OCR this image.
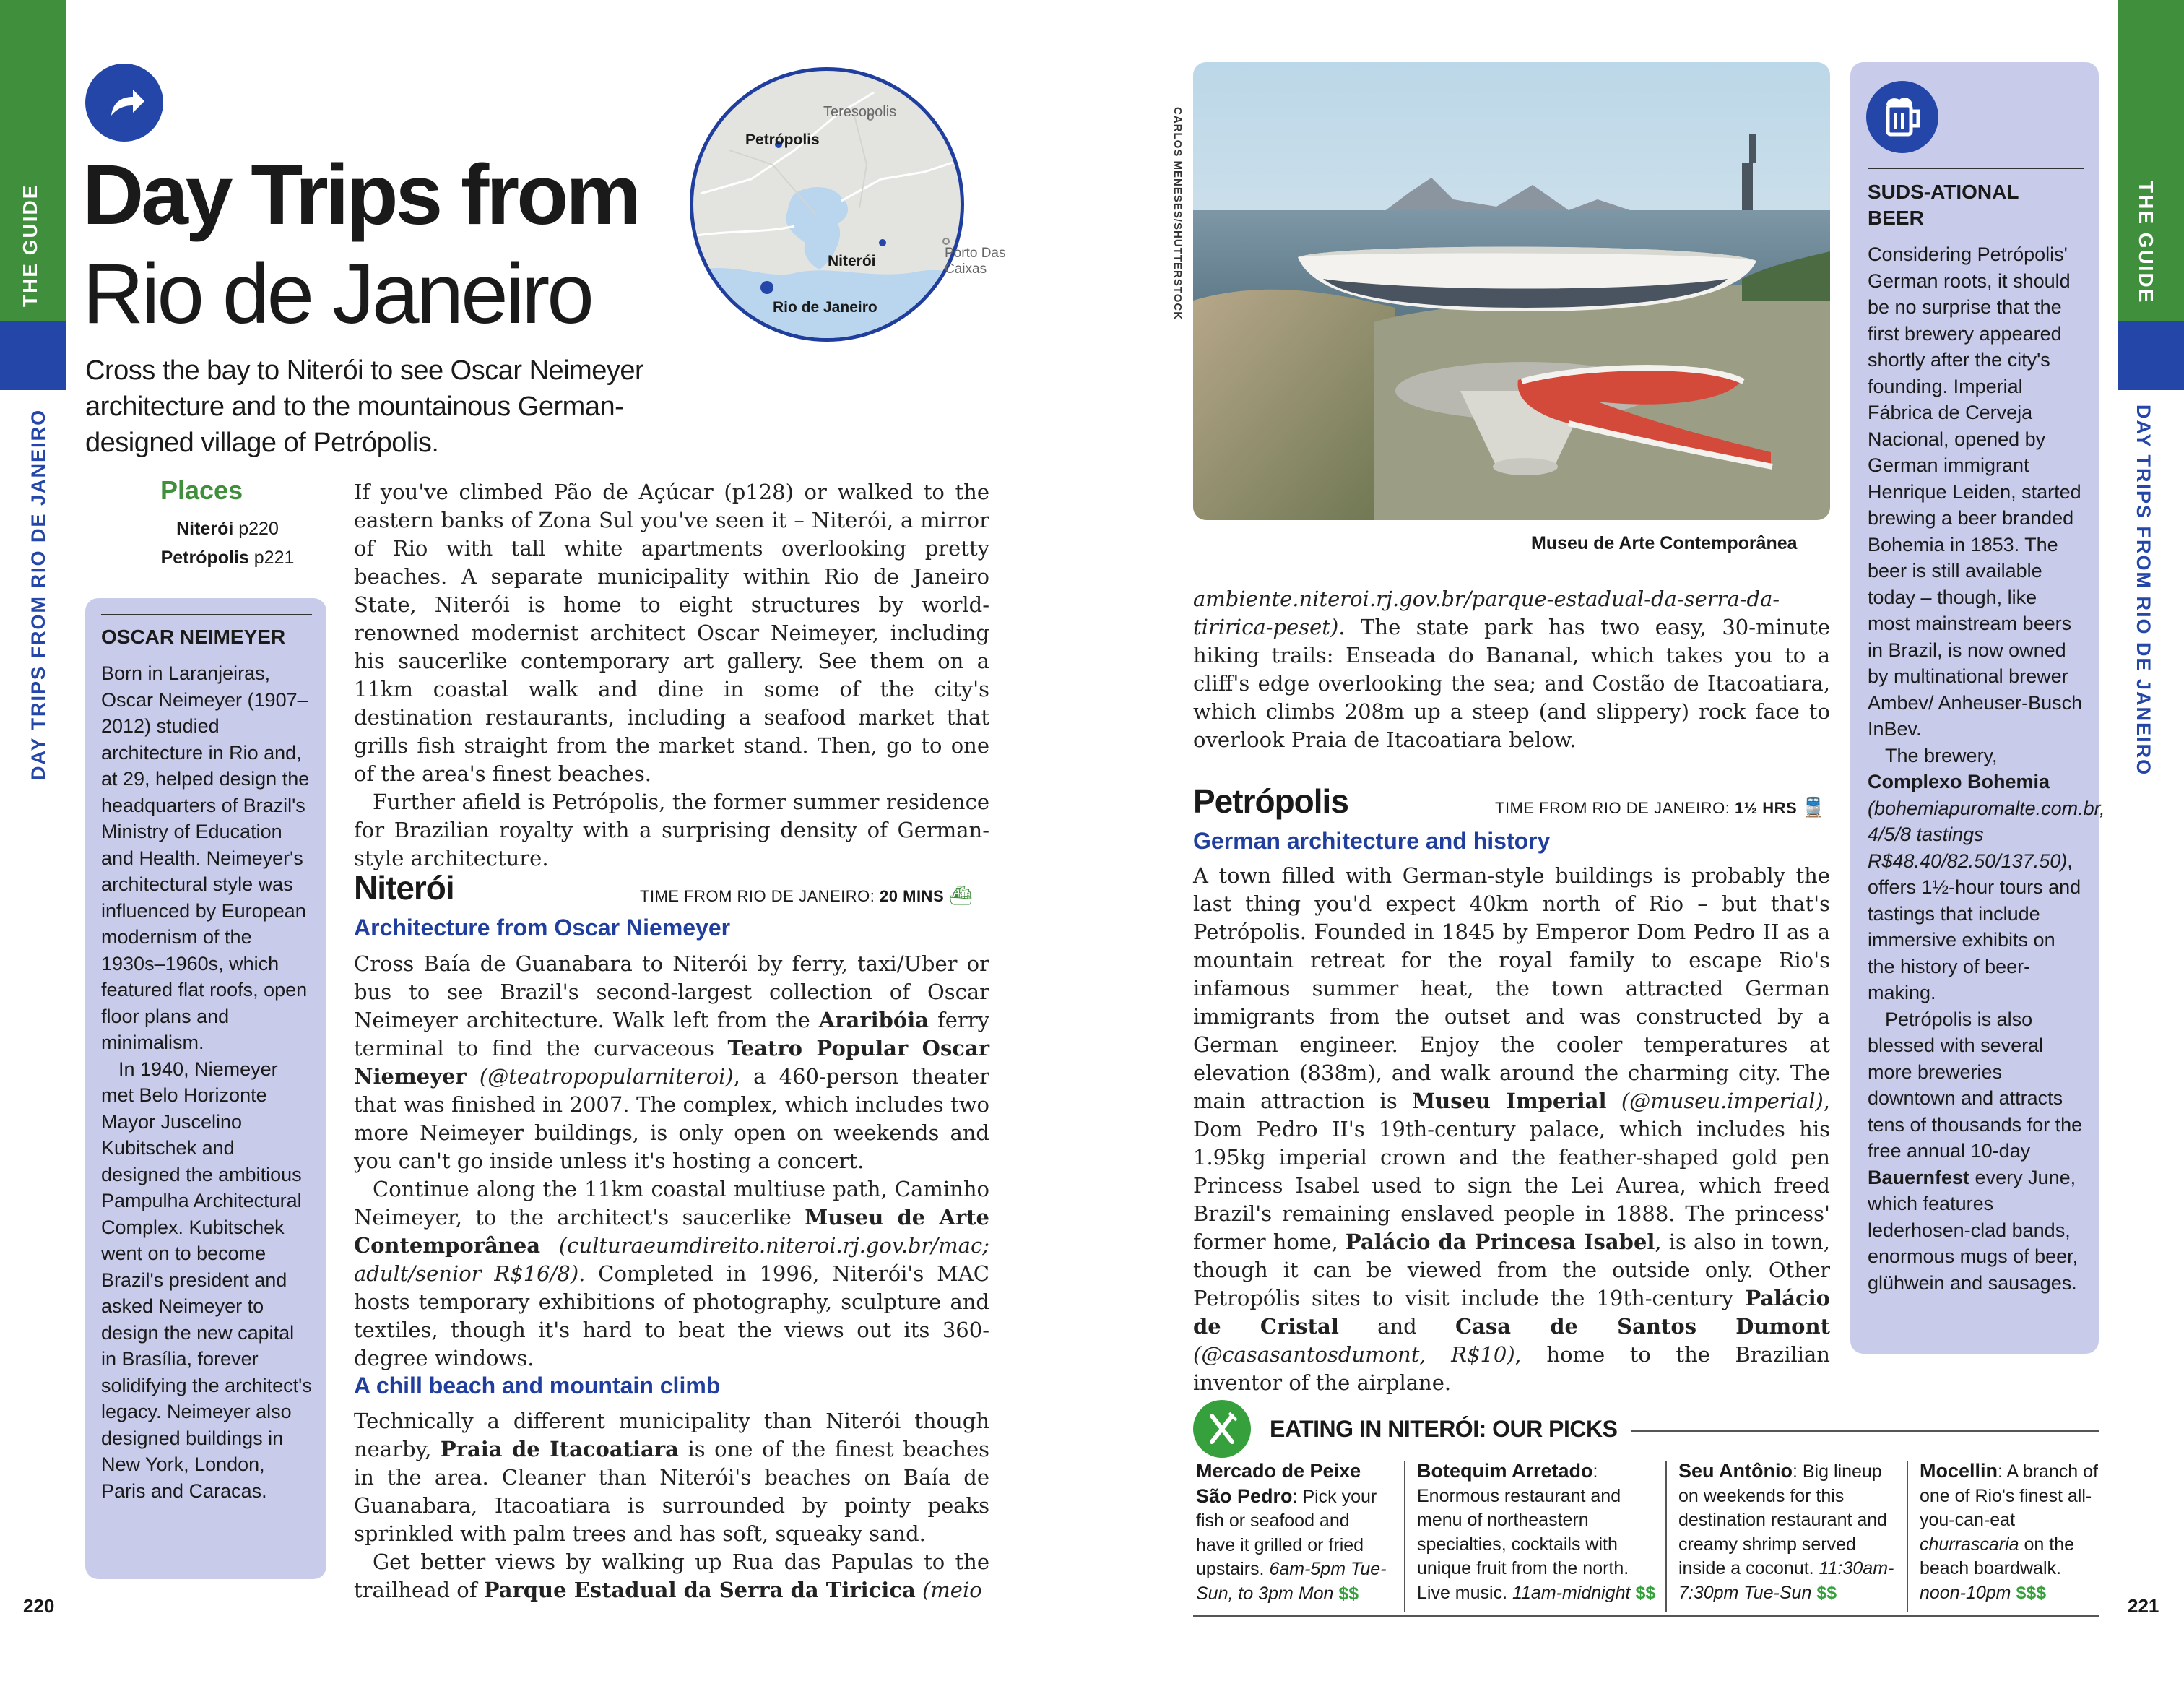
THE GUIDE
DAY TRIPS FROM RIO DE JANEIRO
220
THE GUIDE
DAY TRIPS FROM RIO DE JANEIRO
221
Day Trips from
Rio de Janeiro
Cross the bay to Niterói to see Oscar Neimeyer architecture and to the mountainous German-designed village of Petrópolis.
Teresopolis
Petrópolis
Niterói	Porto Das Caixas
Rio de Janeiro
Places
Niterói p220
Petrópolis p221
OSCAR NEIMEYER

Born in Laranjeiras, Oscar Neimeyer (1907–2012) studied architecture in Rio and, at 29, helped design the headquarters of Brazil's Ministry of Education and Health. Neimeyer's architectural style was influenced by European modernism of the 1930s–1960s, which featured flat roofs, open floor plans and minimalism.

In 1940, Niemeyer met Belo Horizonte Mayor Juscelino Kubitschek and designed the ambitious Pampulha Architectural Complex. Kubitschek went on to become Brazil's president and asked Neimeyer to design the new capital in Brasília, forever solidifying the architect's legacy. Neimeyer also designed buildings in New York, London, Paris and Caracas.

If you've climbed Pão de Açúcar (p128) or walked to the eastern banks of Zona Sul you've seen it – Niterói, a mirror of Rio with tall white apartments overlooking pretty beaches. A separate municipality within Rio de Janeiro State, Niterói is home to eight structures by world-renowned modernist architect Oscar Neimeyer, including his saucerlike contemporary art gallery. See them on a 11km coastal walk and dine in some of the city's destination restaurants, including a seafood market that grills fish straight from the market stand. Then, go to one of the area's finest beaches.

Further afield is Petrópolis, the former summer residence for Brazilian royalty with a surprising density of German-style architecture.

Niterói	TIME FROM RIO DE JANEIRO: 20 MINS ⛴
Architecture from Oscar Niemeyer

Cross Baía de Guanabara to Niterói by ferry, taxi/Uber or bus to see Brazil's second-largest collection of Oscar Neimeyer architecture. Walk left from the Araribóia ferry terminal to find the curvaceous Teatro Popular Oscar Niemeyer (@teatropopularniteroi), a 460-person theater that was finished in 2007. The complex, which includes two more Neimeyer buildings, is only open on weekends and you can't go inside unless it's hosting a concert.

Continue along the 11km coastal multiuse path, Caminho Neimeyer, to the architect's saucerlike Museu de Arte Contemporânea (culturaeumdireito.niteroi.rj.gov.br/mac; adult/senior R$16/8). Completed in 1996, Niterói's MAC hosts temporary exhibitions of photography, sculpture and textiles, though it's hard to beat the views out its 360-degree windows.

A chill beach and mountain climb

Technically a different municipality than Niterói though nearby, Praia de Itacoatiara is one of the finest beaches in the area. Cleaner than Niterói's beaches on Baía de Guanabara, Itacoatiara is surrounded by pointy peaks sprinkled with palm trees and has soft, squeaky sand.

Get better views by walking up Rua das Papulas to the trailhead of Parque Estadual da Serra da Tiricica (meio

CARLOS MENESES/SHUTTERSTOCK
Museu de Arte Contemporânea

ambiente.niteroi.rj.gov.br/parque-estadual-da-serra-da-tiririca-peset). The state park has two easy, 30-minute hiking trails: Enseada do Bananal, which takes you to a cliff's edge overlooking the sea; and Costão de Itacoatiara, which climbs 208m up a steep (and slippery) rock face to overlook Praia de Itacoatiara below.

Petrópolis	TIME FROM RIO DE JANEIRO: 1½ HRS 🚆
German architecture and history

A town filled with German-style buildings is probably the last thing you'd expect 40km north of Rio – but that's Petrópolis. Founded in 1845 by Emperor Dom Pedro II as a mountain retreat for the royal family to escape Rio's infamous summer heat, the town attracted German immigrants from the outset and was constructed by a German engineer. Enjoy the cooler temperatures at elevation (838m), and walk around the charming city. The main attraction is Museu Imperial (@museu.imperial), Dom Pedro II's 19th-century palace, which includes his 1.95kg imperial crown and the feather-shaped gold pen Princess Isabel used to sign the Lei Aurea, which freed Brazil's remaining enslaved people in 1888. The princess' former home, Palácio da Princesa Isabel, is also in town, though it can be viewed from the outside only. Other Petropólis sites to visit include the 19th-century Palácio de Cristal and Casa de Santos Dumont (@casasantosdumont, R$10), home to the Brazilian inventor of the airplane.

SUDS-ATIONAL
BEER

Considering Petrópolis' German roots, it should be no surprise that the first brewery appeared shortly after the city's founding. Imperial Fábrica de Cerveja Nacional, opened by German immigrant Henrique Leiden, started brewing a beer branded Bohemia in 1853. The beer is still available today – though, like most mainstream beers in Brazil, is now owned by multinational brewer Ambev/ Anheuser-Busch InBev.

The brewery, Complexo Bohemia (bohemiapuromalte.com.br, 4/5/8 tastings R$48.40/82.50/137.50), offers 1½-hour tours and tastings that include immersive exhibits on the history of beer-making.

Petrópolis is also blessed with several more breweries downtown and attracts tens of thousands for the free annual 10-day Bauernfest every June, which features lederhosen-clad bands, enormous mugs of beer, glühwein and sausages.

EATING IN NITERÓI: OUR PICKS
Mercado de Peixe São Pedro: Pick your fish or seafood and have it grilled or fried upstairs. 6am-5pm Tue-Sun, to 3pm Mon $$
Botequim Arretado: Enormous restaurant and menu of northeastern specialties, cocktails with unique fruit from the north. Live music. 11am-midnight $$
Seu Antônio: Big lineup on weekends for this destination restaurant and creamy shrimp served inside a coconut. 11:30am-7:30pm Tue-Sun $$
Mocellin: A branch of one of Rio's finest all-you-can-eat churrascaria on the beach boardwalk. noon-10pm $$$
